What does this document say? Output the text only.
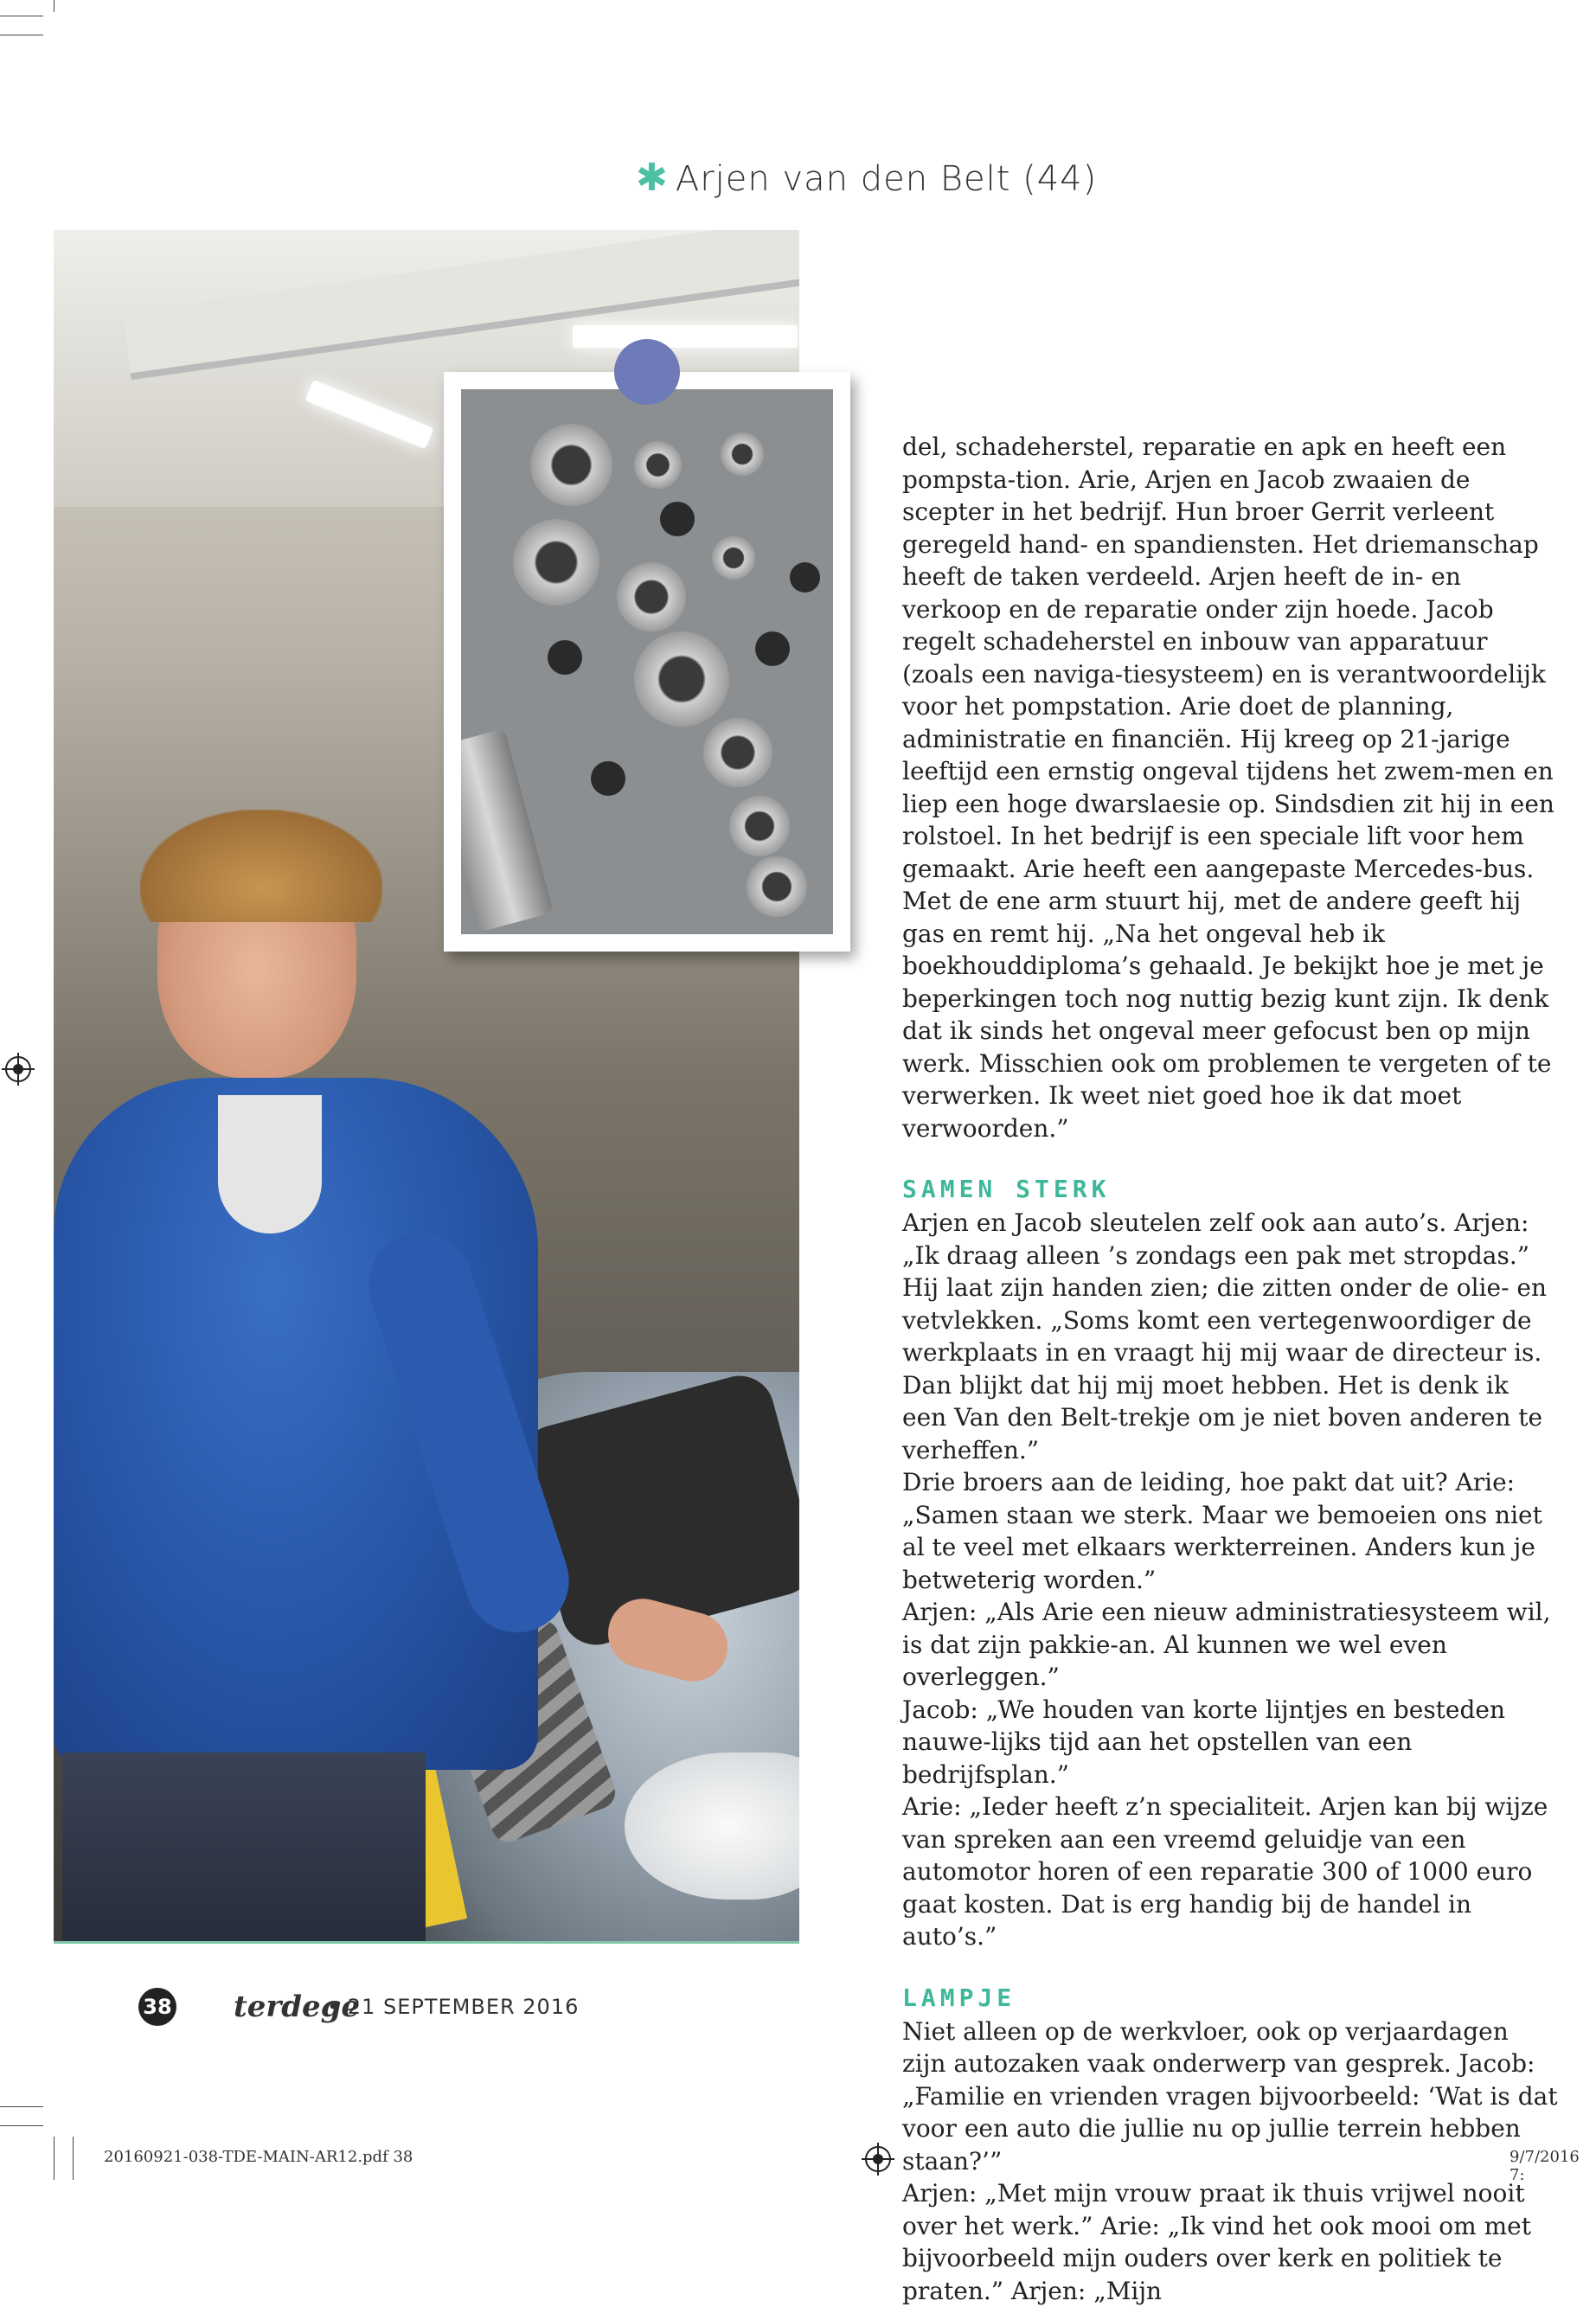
✱ Arjen van den Belt (44)

del, schadeherstel, reparatie en apk en heeft een pompsta-tion. Arie, Arjen en Jacob zwaaien de scepter in het bedrijf. Hun broer Gerrit verleent geregeld hand- en spandiensten. Het driemanschap heeft de taken verdeeld. Arjen heeft de in- en verkoop en de reparatie onder zijn hoede. Jacob regelt schadeherstel en inbouw van apparatuur (zoals een naviga-tiesysteem) en is verantwoordelijk voor het pompstation. Arie doet de planning, administratie en financiën. Hij kreeg op 21-jarige leeftijd een ernstig ongeval tijdens het zwem-men en liep een hoge dwarslaesie op. Sindsdien zit hij in een rolstoel. In het bedrijf is een speciale lift voor hem gemaakt. Arie heeft een aangepaste Mercedes-bus. Met de ene arm stuurt hij, met de andere geeft hij gas en remt hij. „Na het ongeval heb ik boekhouddiploma’s gehaald. Je bekijkt hoe je met je beperkingen toch nog nuttig bezig kunt zijn. Ik denk dat ik sinds het ongeval meer gefocust ben op mijn werk. Misschien ook om problemen te vergeten of te verwerken. Ik weet niet goed hoe ik dat moet verwoorden.”

SAMEN STERK

Arjen en Jacob sleutelen zelf ook aan auto’s. Arjen: „Ik draag alleen ’s zondags een pak met stropdas.” Hij laat zijn handen zien; die zitten onder de olie- en vetvlekken. „Soms komt een vertegenwoordiger de werkplaats in en vraagt hij mij waar de directeur is. Dan blijkt dat hij mij moet hebben. Het is denk ik een Van den Belt-trekje om je niet boven anderen te verheffen.”

Drie broers aan de leiding, hoe pakt dat uit? Arie: „Samen staan we sterk. Maar we bemoeien ons niet al te veel met elkaars werkterreinen. Anders kun je betweterig worden.”

Arjen: „Als Arie een nieuw administratiesysteem wil, is dat zijn pakkie-an. Al kunnen we wel even overleggen.”

Jacob: „We houden van korte lijntjes en besteden nauwe-lijks tijd aan het opstellen van een bedrijfsplan.”

Arie: „Ieder heeft z’n specialiteit. Arjen kan bij wijze van spreken aan een vreemd geluidje van een automotor horen of een reparatie 300 of 1000 euro gaat kosten. Dat is erg handig bij de handel in auto’s.”

LAMPJE

Niet alleen op de werkvloer, ook op verjaardagen zijn autozaken vaak onderwerp van gesprek. Jacob: „Familie en vrienden vragen bijvoorbeeld: ‘Wat is dat voor een auto die jullie nu op jullie terrein hebben staan?’”

Arjen: „Met mijn vrouw praat ik thuis vrijwel nooit over het werk.” Arie: „Ik vind het ook mooi om met bijvoorbeeld mijn ouders over kerk en politiek te praten.” Arjen: „Mijn

38 terdege
• 21 SEPTEMBER 2016
20160921-038-TDE-MAIN-AR12.pdf 38	9/7/2016 7:
